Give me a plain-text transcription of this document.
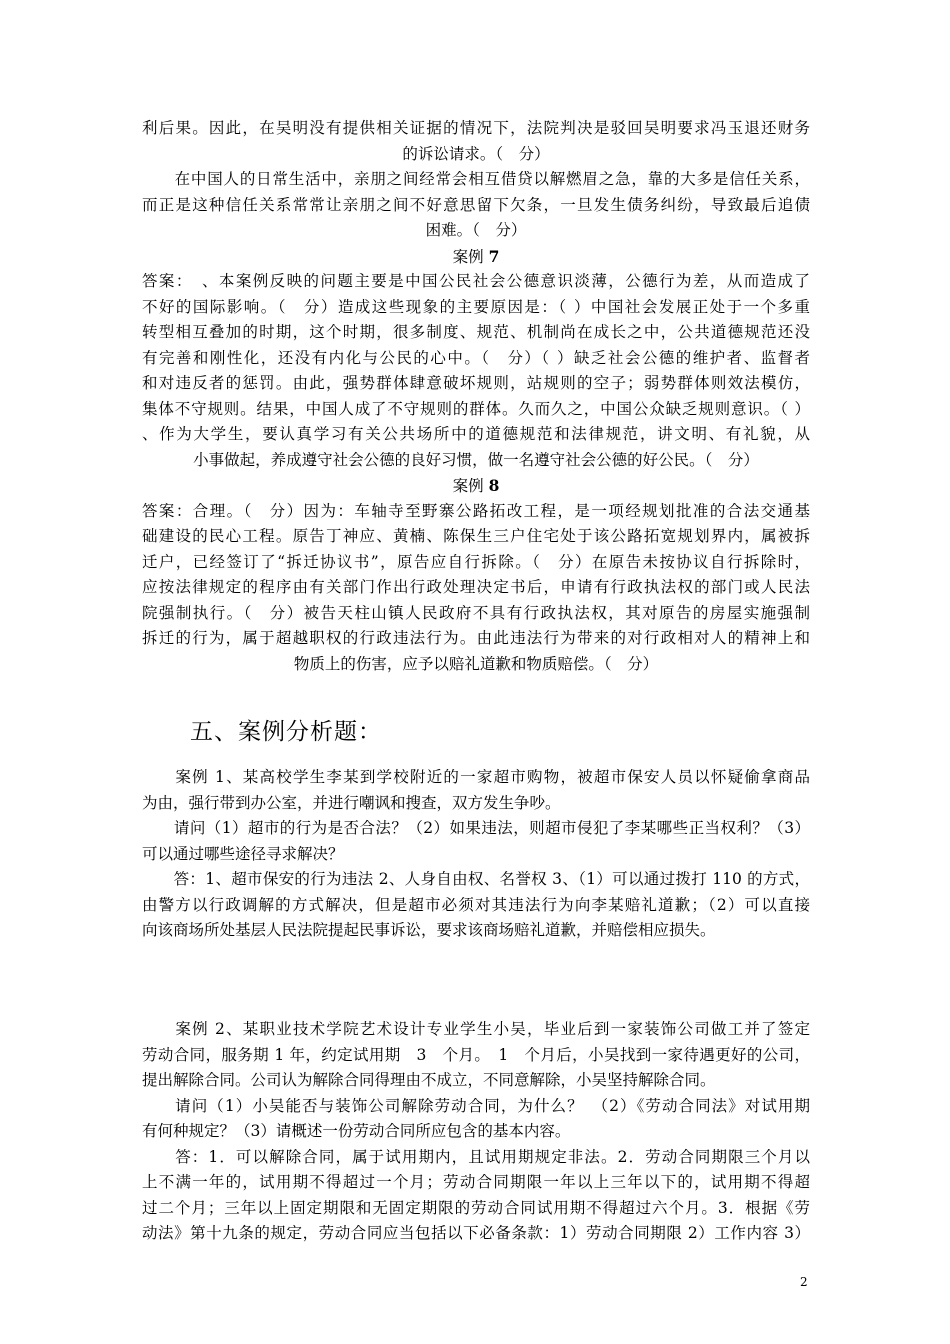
利后果。因此，在吴明没有提供相关证据的情况下，法院判决是驳回吴明要求冯玉退还财务
的诉讼请求。（　分）
　　在中国人的日常生活中，亲朋之间经常会相互借贷以解燃眉之急，靠的大多是信任关系，
而正是这种信任关系常常让亲朋之间不好意思留下欠条，一旦发生债务纠纷，导致最后追债
困难。（　分）
案例 7
答案：　、本案例反映的问题主要是中国公民社会公德意识淡薄，公德行为差，从而造成了
不好的国际影响。（　分）造成这些现象的主要原因是：（ ）中国社会发展正处于一个多重
转型相互叠加的时期，这个时期，很多制度、规范、机制尚在成长之中，公共道德规范还没
有完善和刚性化，还没有内化与公民的心中。（　分）（ ）缺乏社会公德的维护者、监督者
和对违反者的惩罚。由此，强势群体肆意破坏规则，站规则的空子；弱势群体则效法模仿，
集体不守规则。结果，中国人成了不守规则的群体。久而久之，中国公众缺乏规则意识。（ ）
、作为大学生，要认真学习有关公共场所中的道德规范和法律规范，讲文明、有礼貌，从
小事做起，养成遵守社会公德的良好习惯，做一名遵守社会公德的好公民。（　分）
案例 8
答案：合理。（　分）因为：车轴寺至野寨公路拓改工程，是一项经规划批准的合法交通基
础建设的民心工程。原告丁神应、黄楠、陈保生三户住宅处于该公路拓宽规划界内，属被拆
迁户，已经签订了“拆迁协议书”，原告应自行拆除。（　分）在原告未按协议自行拆除时，
应按法律规定的程序由有关部门作出行政处理决定书后，申请有行政执法权的部门或人民法
院强制执行。（　分）被告天柱山镇人民政府不具有行政执法权，其对原告的房屋实施强制
拆迁的行为，属于超越职权的行政违法行为。由此违法行为带来的对行政相对人的精神上和
物质上的伤害，应予以赔礼道歉和物质赔偿。（　分）
五、案例分析题：
　　案例 1、某高校学生李某到学校附近的一家超市购物，被超市保安人员以怀疑偷拿商品
为由，强行带到办公室，并进行嘲讽和搜查，双方发生争吵。
　　请问（1）超市的行为是否合法？（2）如果违法，则超市侵犯了李某哪些正当权利？（3）
可以通过哪些途径寻求解决？
　　答：1、超市保安的行为违法 2、人身自由权、名誉权 3、（1）可以通过拨打 110 的方式，
由警方以行政调解的方式解决，但是超市必须对其违法行为向李某赔礼道歉；（2）可以直接
向该商场所处基层人民法院提起民事诉讼，要求该商场赔礼道歉，并赔偿相应损失。
　　案例 2、某职业技术学院艺术设计专业学生小吴，毕业后到一家装饰公司做工并了签定
劳动合同，服务期 1 年，约定试用期　3　个月。　1　个月后，小吴找到一家待遇更好的公司，
提出解除合同。公司认为解除合同得理由不成立，不同意解除，小吴坚持解除合同。
　　请问（1）小吴能否与装饰公司解除劳动合同，为什么？　（2）《劳动合同法》对试用期
有何种规定？（3）请概述一份劳动合同所应包含的基本内容。
　　答：1．可以解除合同，属于试用期内，且试用期规定非法。2．劳动合同期限三个月以
上不满一年的，试用期不得超过一个月；劳动合同期限一年以上三年以下的，试用期不得超
过二个月；三年以上固定期限和无固定期限的劳动合同试用期不得超过六个月。3．根据《劳
动法》第十九条的规定，劳动合同应当包括以下必备条款：1）劳动合同期限 2）工作内容 3）
2
